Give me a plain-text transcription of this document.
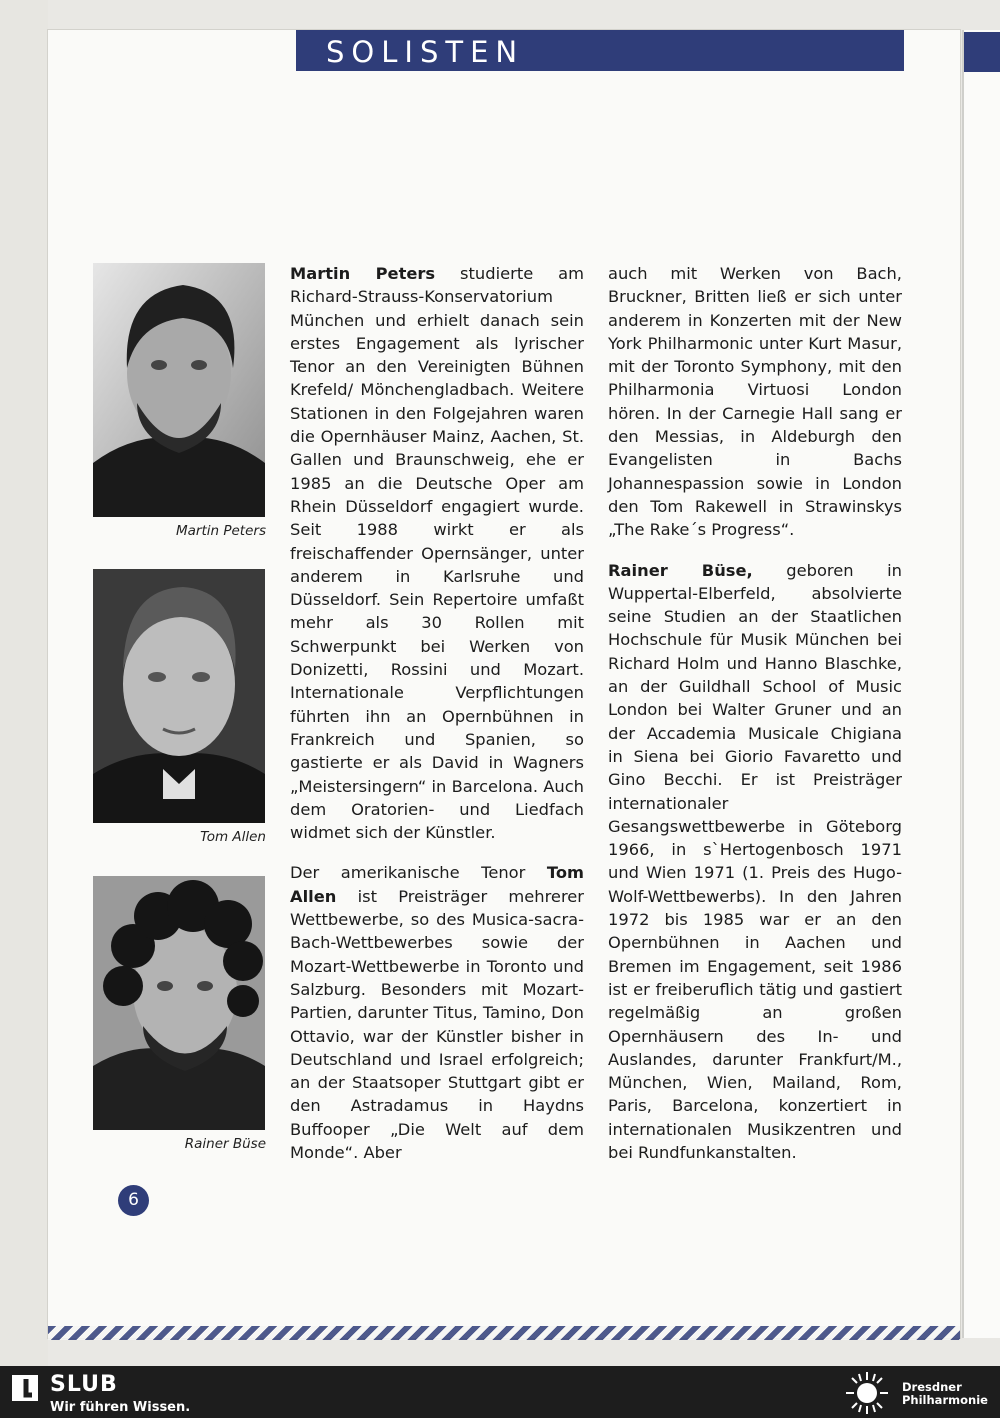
SOLISTEN
Martin Peters
Tom Allen
Rainer Büse

Martin Peters studierte am Richard-Strauss-Konservatorium München und erhielt danach sein erstes Engagement als lyrischer Tenor an den Vereinigten Bühnen Krefeld/ Mönchengladbach. Weitere Stationen in den Folgejahren waren die Opernhäuser Mainz, Aachen, St. Gallen und Braunschweig, ehe er 1985 an die Deutsche Oper am Rhein Düsseldorf engagiert wurde. Seit 1988 wirkt er als freischaffender Opernsänger, unter anderem in Karlsruhe und Düsseldorf. Sein Repertoire umfaßt mehr als 30 Rollen mit Schwerpunkt bei Werken von Donizetti, Rossini und Mozart. Internationale Verpflichtungen führten ihn an Opernbühnen in Frankreich und Spanien, so gastierte er als David in Wagners „Meistersingern“ in Barcelona. Auch dem Oratorien- und Liedfach widmet sich der Künstler.

Der amerikanische Tenor Tom Allen ist Preisträger mehrerer Wettbewerbe, so des Musica-sacra-Bach-Wettbewerbes sowie der Mozart-Wettbewerbe in Toronto und Salzburg. Besonders mit Mozart-Partien, darunter Titus, Tamino, Don Ottavio, war der Künstler bisher in Deutschland und Israel erfolgreich; an der Staatsoper Stuttgart gibt er den Astradamus in Haydns Buffooper „Die Welt auf dem Monde“. Aber

auch mit Werken von Bach, Bruckner, Britten ließ er sich unter anderem in Konzerten mit der New York Philharmonic unter Kurt Masur, mit der Toronto Symphony, mit den Philharmonia Virtuosi London hören. In der Carnegie Hall sang er den Messias, in Aldeburgh den Evangelisten in Bachs Johannespassion sowie in London den Tom Rakewell in Strawinskys „The Rake´s Progress“.

Rainer Büse, geboren in Wuppertal-Elberfeld, absolvierte seine Studien an der Staatlichen Hochschule für Musik München bei Richard Holm und Hanno Blaschke, an der Guildhall School of Music London bei Walter Gruner und an der Accademia Musicale Chigiana in Siena bei Giorio Favaretto und Gino Becchi. Er ist Preisträger internationaler Gesangswettbewerbe in Göteborg 1966, in s`Hertogenbosch 1971 und Wien 1971 (1. Preis des Hugo-Wolf-Wettbewerbs). In den Jahren 1972 bis 1985 war er an den Opernbühnen in Aachen und Bremen im Engagement, seit 1986 ist er freiberuflich tätig und gastiert regelmäßig an großen Opernhäusern des In- und Auslandes, darunter Frankfurt/M., München, Wien, Mailand, Rom, Paris, Barcelona, konzertiert in internationalen Musikzentren und bei Rundfunkanstalten.

6
SLUB
Wir führen Wissen.
Dresdner
Philharmonie
